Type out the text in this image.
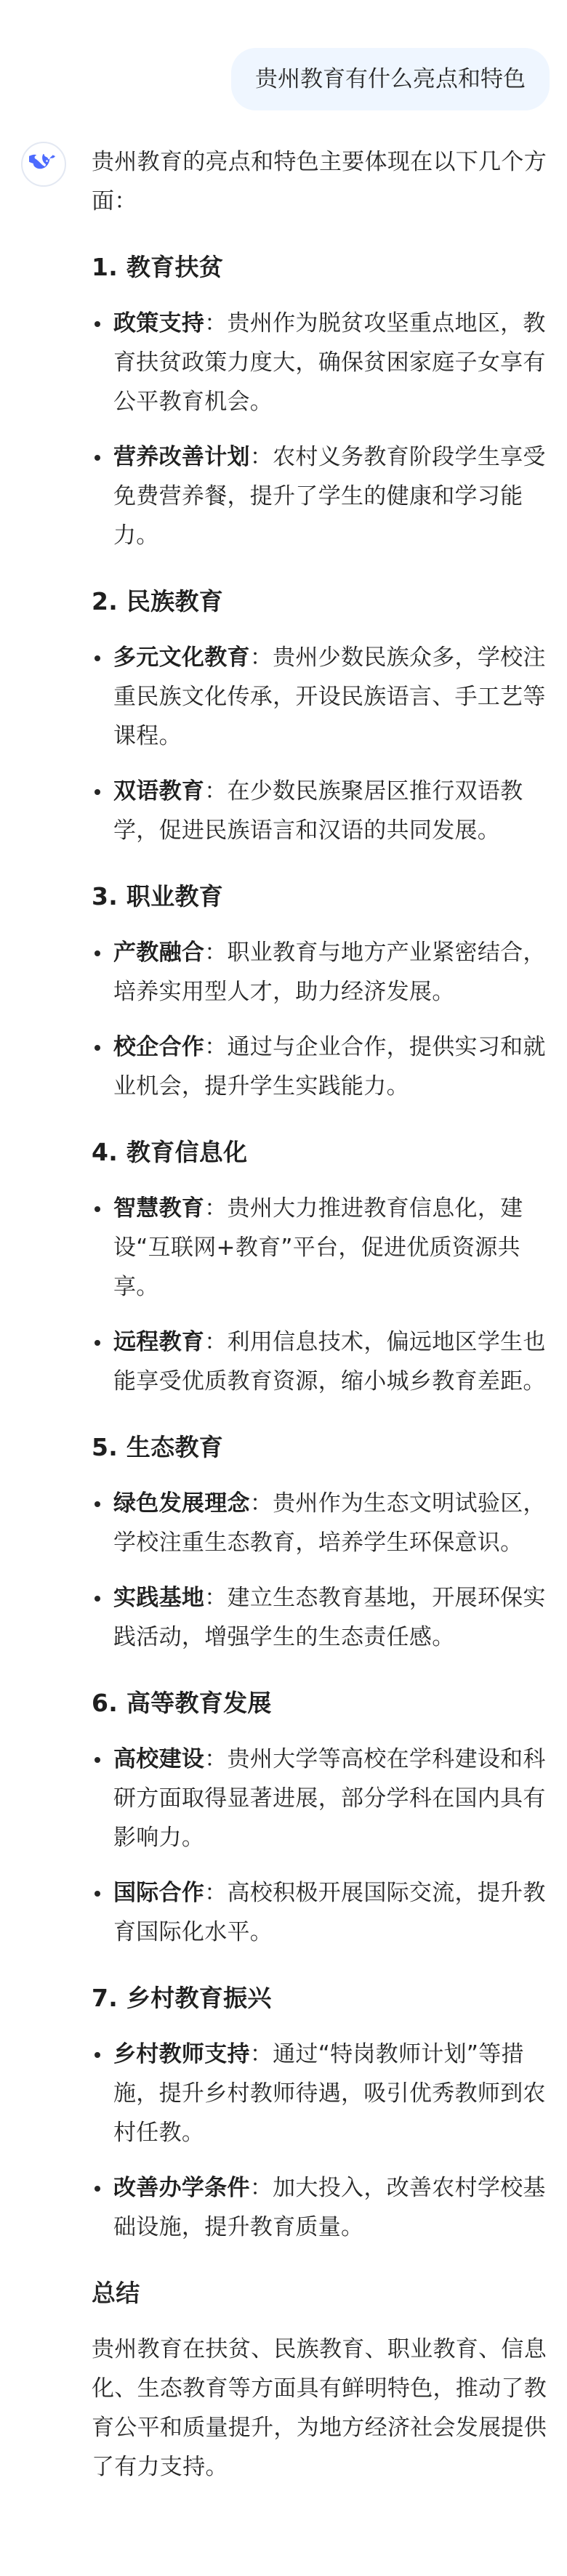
贵州教育有什么亮点和特色

贵州教育的亮点和特色主要体现在以下几个方面：

1. 教育扶贫
政策支持：贵州作为脱贫攻坚重点地区，教育扶贫政策力度大，确保贫困家庭子女享有公平教育机会。
营养改善计划：农村义务教育阶段学生享受免费营养餐，提升了学生的健康和学习能力。
2. 民族教育
多元文化教育：贵州少数民族众多，学校注重民族文化传承，开设民族语言、手工艺等课程。
双语教育：在少数民族聚居区推行双语教学，促进民族语言和汉语的共同发展。
3. 职业教育
产教融合：职业教育与地方产业紧密结合，培养实用型人才，助力经济发展。
校企合作：通过与企业合作，提供实习和就业机会，提升学生实践能力。
4. 教育信息化
智慧教育：贵州大力推进教育信息化，建设“互联网+教育”平台，促进优质资源共享。
远程教育：利用信息技术，偏远地区学生也能享受优质教育资源，缩小城乡教育差距。
5. 生态教育
绿色发展理念：贵州作为生态文明试验区，学校注重生态教育，培养学生环保意识。
实践基地：建立生态教育基地，开展环保实践活动，增强学生的生态责任感。
6. 高等教育发展
高校建设：贵州大学等高校在学科建设和科研方面取得显著进展，部分学科在国内具有影响力。
国际合作：高校积极开展国际交流，提升教育国际化水平。
7. 乡村教育振兴
乡村教师支持：通过“特岗教师计划”等措施，提升乡村教师待遇，吸引优秀教师到农村任教。
改善办学条件：加大投入，改善农村学校基础设施，提升教育质量。
总结

贵州教育在扶贫、民族教育、职业教育、信息化、生态教育等方面具有鲜明特色，推动了教育公平和质量提升，为地方经济社会发展提供了有力支持。
